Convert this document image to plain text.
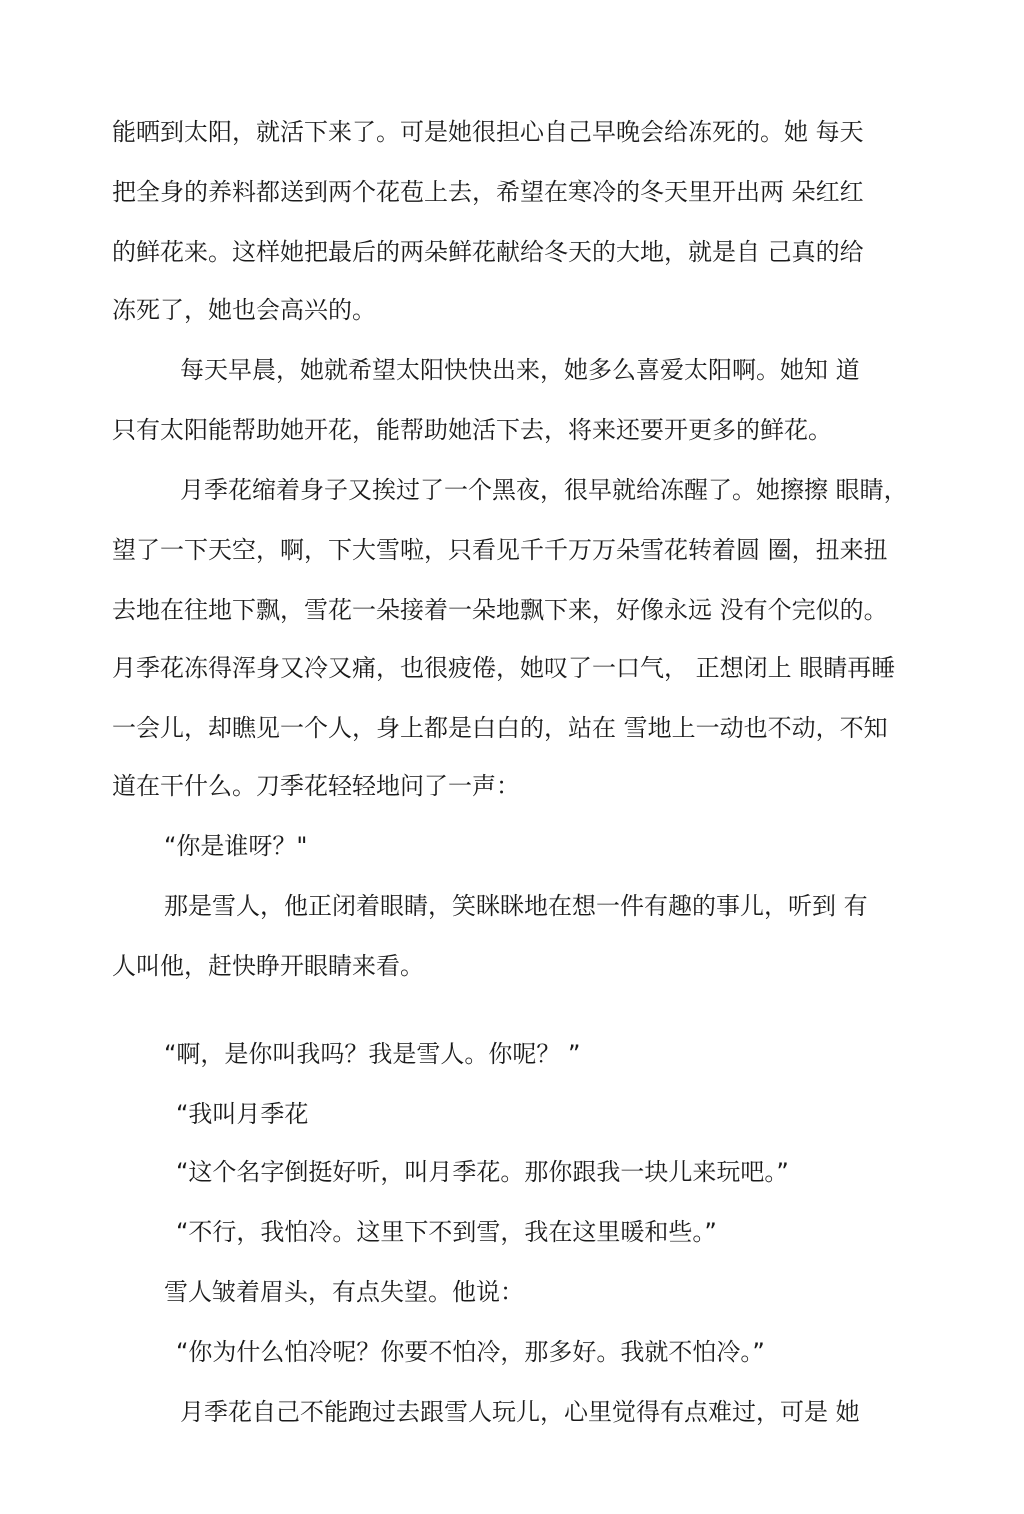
能晒到太阳，就活下来了。可是她很担心自己早晚会给冻死的。她 每天
把全身的养料都送到两个花苞上去，希望在寒冷的冬天里开出两 朵红红
的鲜花来。这样她把最后的两朵鲜花献给冬天的大地，就是自 己真的给
冻死了，她也会高兴的。
每天早晨，她就希望太阳快快出来，她多么喜爱太阳啊。她知 道
只有太阳能帮助她开花，能帮助她活下去，将来还要开更多的鲜花。
月季花缩着身子又挨过了一个黑夜，很早就给冻醒了。她擦擦 眼睛，
望了一下天空，啊，下大雪啦，只看见千千万万朵雪花转着圆 圈，扭来扭
去地在往地下飘，雪花一朵接着一朵地飘下来，好像永远 没有个完似的。
月季花冻得浑身又冷又痛，也很疲倦，她叹了一口气， 正想闭上 眼睛再睡
一会儿，却瞧见一个人，身上都是白白的，站在 雪地上一动也不动，不知
道在干什么。刀季花轻轻地问了一声：
“你是谁呀？"
那是雪人，他正闭着眼睛，笑眯眯地在想一件有趣的事儿，听到 有
人叫他，赶快睁开眼睛来看。
“啊，是你叫我吗？我是雪人。你呢？ ”
“我叫月季花
“这个名字倒挺好听，叫月季花。那你跟我一块儿来玩吧。”
“不行，我怕冷。这里下不到雪，我在这里暖和些。”
雪人皱着眉头，有点失望。他说：
“你为什么怕冷呢？你要不怕冷，那多好。我就不怕冷。”
月季花自己不能跑过去跟雪人玩儿，心里觉得有点难过，可是 她
